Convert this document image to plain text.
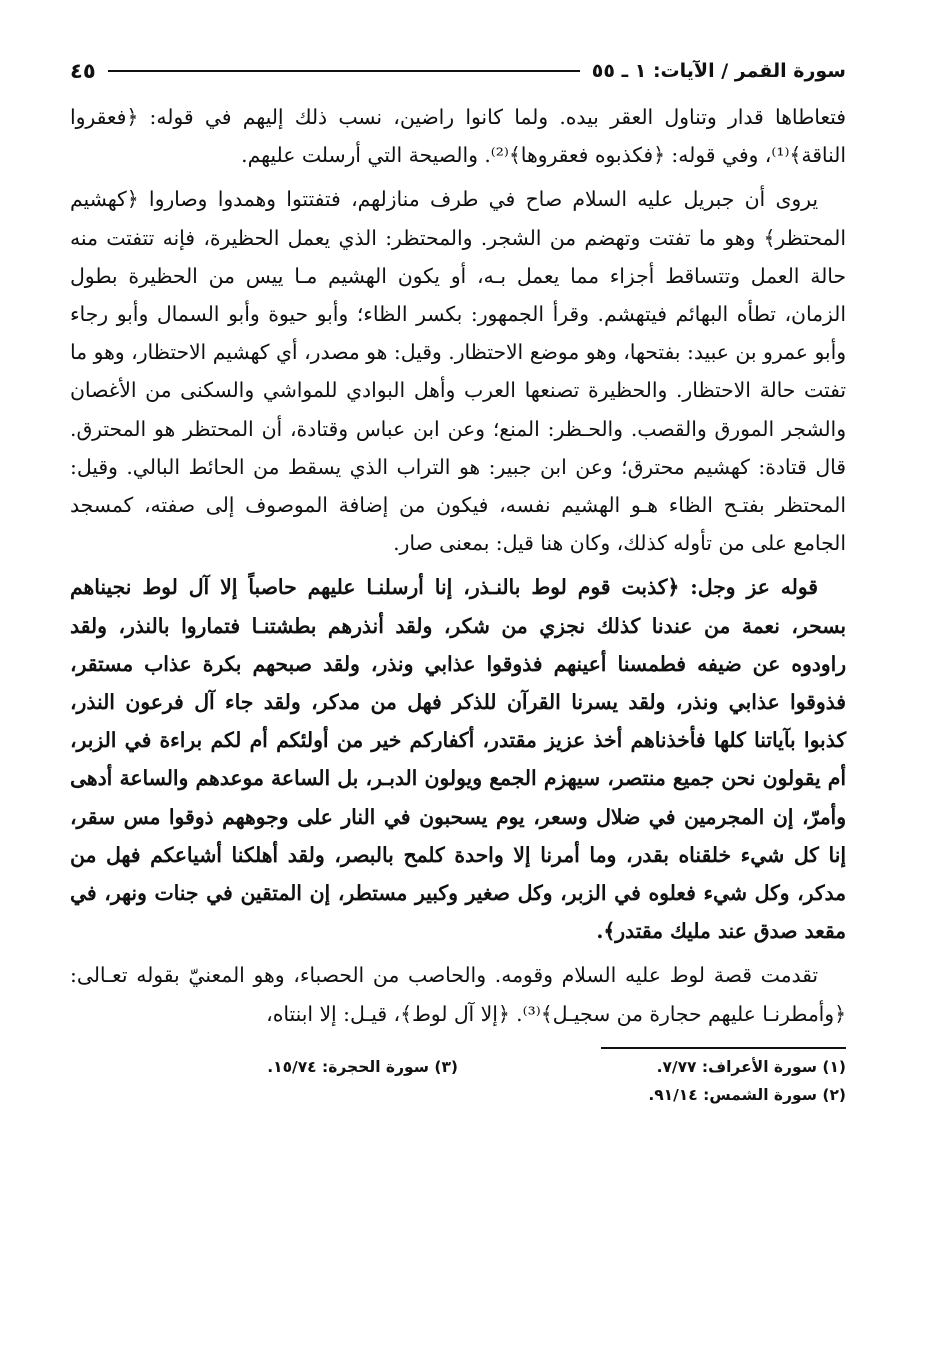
سورة القمر / الآيات: ١ ـ ٥٥
٤٥

فتعاطاها قدار وتناول العقر بيده. ولما كانوا راضين، نسب ذلك إليهم في قوله: ﴿فعقروا الناقة﴾⁽¹⁾، وفي قوله: ﴿فكذبوه فعقروها﴾⁽²⁾. والصيحة التي أرسلت عليهم.

يروى أن جبريل عليه السلام صاح في طرف منازلهم، فتفتتوا وهمدوا وصاروا ﴿كهشيم المحتظر﴾ وهو ما تفتت وتهضم من الشجر. والمحتظر: الذي يعمل الحظيرة، فإنه تتفتت منه حالة العمل وتتساقط أجزاء مما يعمل بـه، أو يكون الهشيم مـا ييس من الحظيرة بطول الزمان، تطأه البهائم فيتهشم. وقرأ الجمهور: بكسر الظاء؛ وأبو حيوة وأبو السمال وأبو رجاء وأبو عمرو بن عبيد: بفتحها، وهو موضع الاحتظار. وقيل: هو مصدر، أي كهشيم الاحتظار، وهو ما تفتت حالة الاحتظار. والحظيرة تصنعها العرب وأهل البوادي للمواشي والسكنى من الأغصان والشجر المورق والقصب. والحـظر: المنع؛ وعن ابن عباس وقتادة، أن المحتظر هو المحترق. قال قتادة: كهشيم محترق؛ وعن ابن جبير: هو التراب الذي يسقط من الحائط البالي. وقيل: المحتظر بفتـح الظاء هـو الهشيم نفسه، فيكون من إضافة الموصوف إلى صفته، كمسجد الجامع على من تأوله كذلك، وكان هنا قيل: بمعنى صار.

قوله عز وجل: ﴿كذبت قوم لوط بالنـذر، إنا أرسلنـا عليهم حاصباً إلا آل لوط نجيناهم بسحر، نعمة من عندنا كذلك نجزي من شكر، ولقد أنذرهم بطشتنـا فتماروا بالنذر، ولقد راودوه عن ضيفه فطمسنا أعينهم فذوقوا عذابي ونذر، ولقد صبحهم بكرة عذاب مستقر، فذوقوا عذابي ونذر، ولقد يسرنا القرآن للذكر فهل من مدكر، ولقد جاء آل فرعون النذر، كذبوا بآياتنا كلها فأخذناهم أخذ عزيز مقتدر، أكفاركم خير من أولئكم أم لكم براءة في الزبر، أم يقولون نحن جميع منتصر، سيهزم الجمع ويولون الدبـر، بل الساعة موعدهم والساعة أدهى وأمرّ، إن المجرمين في ضلال وسعر، يوم يسحبون في النار على وجوههم ذوقوا مس سقر، إنا كل شيء خلقناه بقدر، وما أمرنا إلا واحدة كلمح بالبصر، ولقد أهلكنا أشياعكم فهل من مدكر، وكل شيء فعلوه في الزبر، وكل صغير وكبير مستطر، إن المتقين في جنات ونهر، في مقعد صدق عند مليك مقتدر﴾.

تقدمت قصة لوط عليه السلام وقومه. والحاصب من الحصباء، وهو المعنيّ بقوله تعـالى: ﴿وأمطرنـا عليهم حجارة من سجيـل﴾⁽³⁾. ﴿إلا آل لوط﴾، قيـل: إلا ابنتاه،

(١) سورة الأعراف: ٧/٧٧.
(٢) سورة الشمس: ٩١/١٤.
(٣) سورة الحجرة: ١٥/٧٤.
